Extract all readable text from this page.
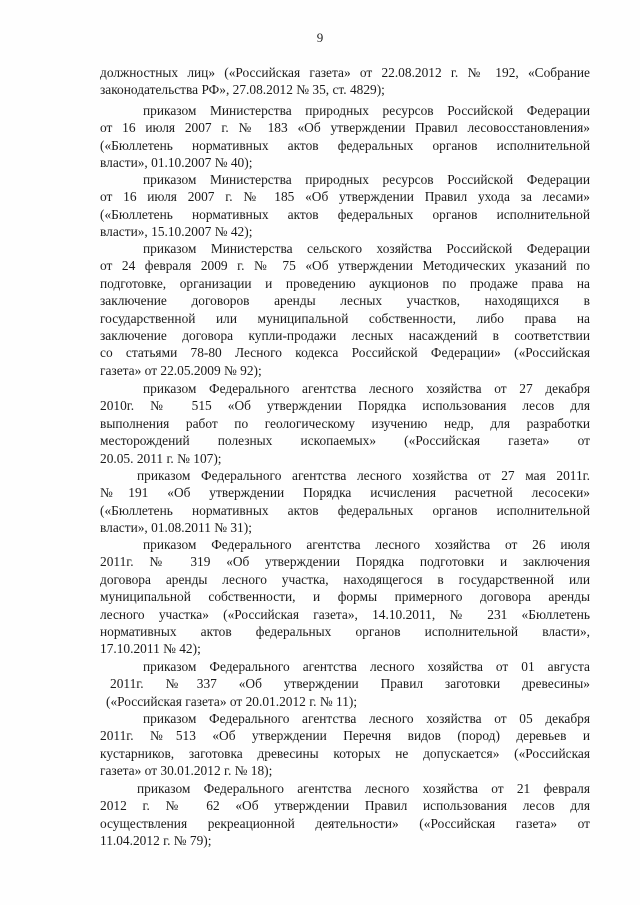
9

должностных лиц» («Российская газета» от 22.08.2012 г. № 192, «Собрание
законодательства РФ», 27.08.2012 № 35, ст. 4829);

приказом Министерства природных ресурсов Российской Федерации
от 16 июля 2007 г. № 183 «Об утверждении Правил лесовосстановления»
(«Бюллетень нормативных актов федеральных органов исполнительной
власти», 01.10.2007 № 40);

приказом Министерства природных ресурсов Российской Федерации
от 16 июля 2007 г. № 185 «Об утверждении Правил ухода за лесами»
(«Бюллетень нормативных актов федеральных органов исполнительной
власти», 15.10.2007 № 42);

приказом Министерства сельского хозяйства Российской Федерации
от 24 февраля 2009 г. № 75 «Об утверждении Методических указаний по
подготовке, организации и проведению аукционов по продаже права на
заключение договоров аренды лесных участков, находящихся в
государственной или муниципальной собственности, либо права на
заключение договора купли-продажи лесных насаждений в соответствии
со статьями 78-80 Лесного кодекса Российской Федерации» («Российская
газета» от 22.05.2009 № 92);

приказом Федерального агентства лесного хозяйства от 27 декабря
2010г. № 515 «Об утверждении Порядка использования лесов для
выполнения работ по геологическому изучению недр, для разработки
месторождений полезных ископаемых» («Российская газета» от
20.05. 2011 г. № 107);

приказом Федерального агентства лесного хозяйства от 27 мая 2011г.
№191 «Об утверждении Порядка исчисления расчетной лесосеки»
(«Бюллетень нормативных актов федеральных органов исполнительной
власти», 01.08.2011 № 31);

приказом Федерального агентства лесного хозяйства от 26 июля
2011г. № 319 «Об утверждении Порядка подготовки и заключения
договора аренды лесного участка, находящегося в государственной или
муниципальной собственности, и формы примерного договора аренды
лесного участка» («Российская газета», 14.10.2011, № 231 «Бюллетень
нормативных актов федеральных органов исполнительной власти»,
17.10.2011 № 42);

приказом Федерального агентства лесного хозяйства от 01 августа
2011г. №337 «Об утверждении Правил заготовки древесины»
(«Российская газета» от 20.01.2012 г. № 11);

приказом Федерального агентства лесного хозяйства от 05 декабря
2011г. №513 «Об утверждении Перечня видов (пород) деревьев и
кустарников, заготовка древесины которых не допускается» («Российская
газета» от 30.01.2012 г. № 18);

приказом Федерального агентства лесного хозяйства от 21 февраля
2012 г. № 62 «Об утверждении Правил использования лесов для
осуществления рекреационной деятельности» («Российская газета» от
11.04.2012 г. № 79);
